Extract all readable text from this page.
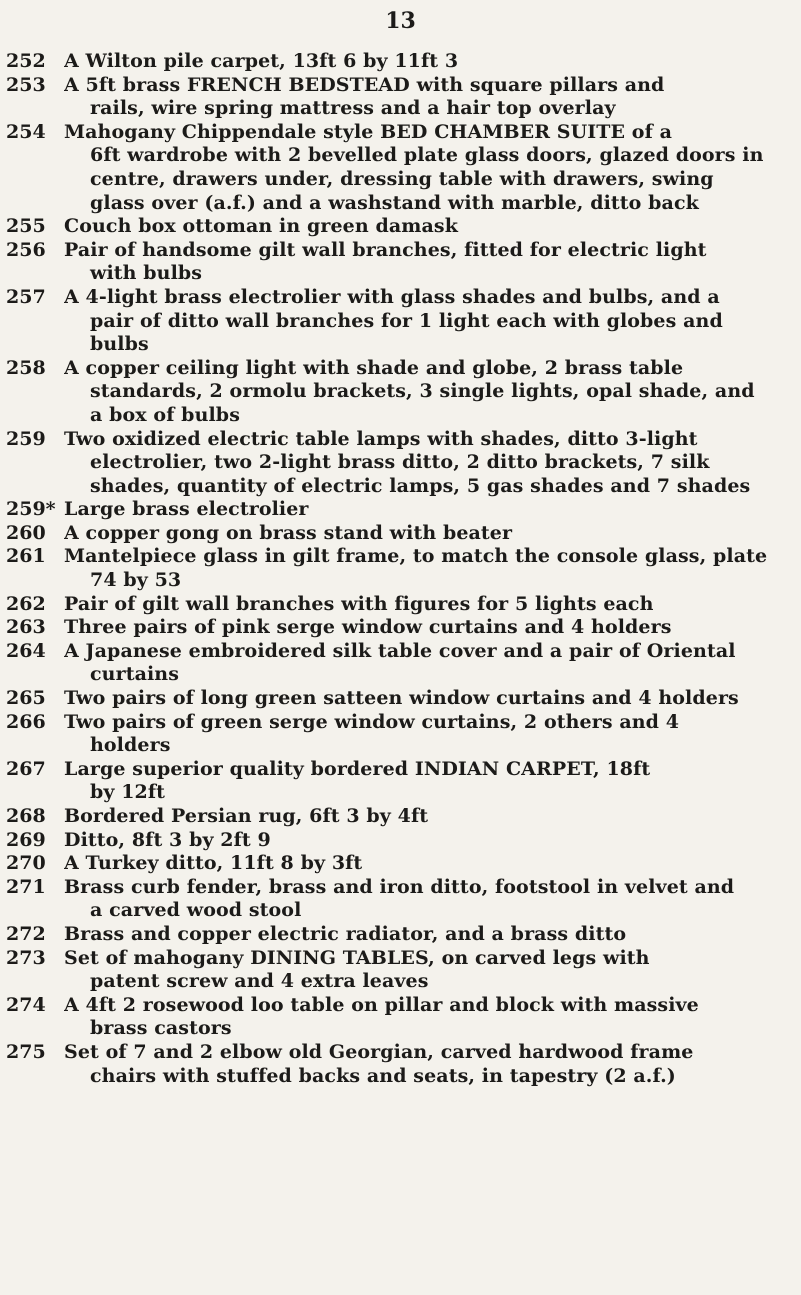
13
252 A Wilton pile carpet, 13ft 6 by 11ft 3
253 A 5ft brass FRENCH BEDSTEAD with square pillars and
rails, wire spring mattress and a hair top overlay
254 Mahogany Chippendale style BED CHAMBER SUITE of a
6ft wardrobe with 2 bevelled plate glass doors, glazed doors in
centre, drawers under, dressing table with drawers, swing
glass over (a.f.) and a washstand with marble, ditto back
255 Couch box ottoman in green damask
256 Pair of handsome gilt wall branches, fitted for electric light
with bulbs
257 A 4-light brass electrolier with glass shades and bulbs, and a
pair of ditto wall branches for 1 light each with globes and
bulbs
258 A copper ceiling light with shade and globe, 2 brass table
standards, 2 ormolu brackets, 3 single lights, opal shade, and
a box of bulbs
259 Two oxidized electric table lamps with shades, ditto 3-light
electrolier, two 2-light brass ditto, 2 ditto brackets, 7 silk
shades, quantity of electric lamps, 5 gas shades and 7 shades
259* Large brass electrolier
260 A copper gong on brass stand with beater
261 Mantelpiece glass in gilt frame, to match the console glass, plate
74 by 53
262 Pair of gilt wall branches with figures for 5 lights each
263 Three pairs of pink serge window curtains and 4 holders
264 A Japanese embroidered silk table cover and a pair of Oriental
curtains
265 Two pairs of long green satteen window curtains and 4 holders
266 Two pairs of green serge window curtains, 2 others and 4
holders
267 Large superior quality bordered INDIAN CARPET, 18ft
by 12ft
268 Bordered Persian rug, 6ft 3 by 4ft
269 Ditto, 8ft 3 by 2ft 9
270 A Turkey ditto, 11ft 8 by 3ft
271 Brass curb fender, brass and iron ditto, footstool in velvet and
a carved wood stool
272 Brass and copper electric radiator, and a brass ditto
273 Set of mahogany DINING TABLES, on carved legs with
patent screw and 4 extra leaves
274 A 4ft 2 rosewood loo table on pillar and block with massive
brass castors
275 Set of 7 and 2 elbow old Georgian, carved hardwood frame
chairs with stuffed backs and seats, in tapestry (2 a.f.)
